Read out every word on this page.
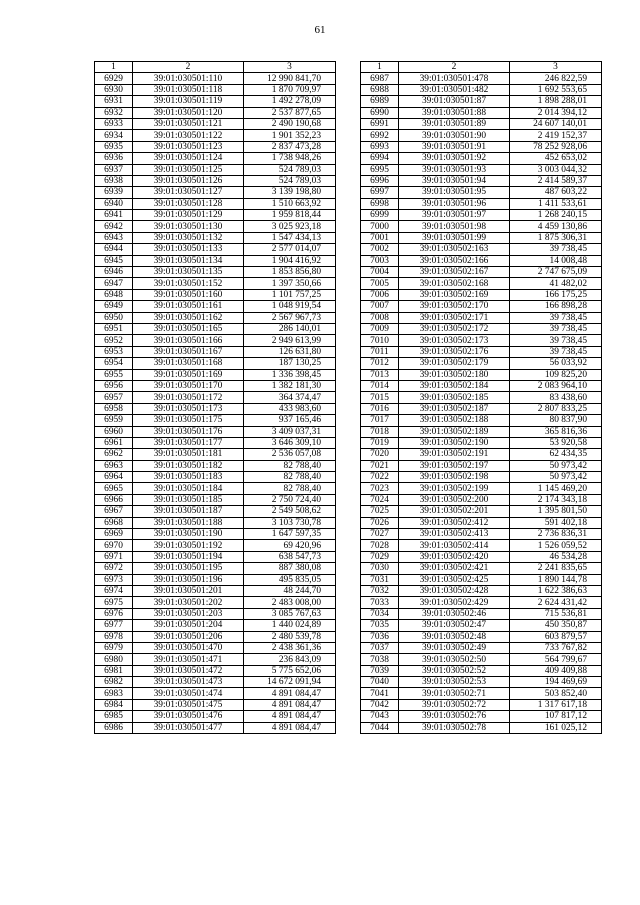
61
1	2	3
6929	39:01:030501:110	12 990 841,70
6930	39:01:030501:118	1 870 709,97
6931	39:01:030501:119	1 492 278,09
6932	39:01:030501:120	2 537 877,65
6933	39:01:030501:121	2 490 190,68
6934	39:01:030501:122	1 901 352,23
6935	39:01:030501:123	2 837 473,28
6936	39:01:030501:124	1 738 948,26
6937	39:01:030501:125	524 789,03
6938	39:01:030501:126	524 789,03
6939	39:01:030501:127	3 139 198,80
6940	39:01:030501:128	1 510 663,92
6941	39:01:030501:129	1 959 818,44
6942	39:01:030501:130	3 025 923,18
6943	39:01:030501:132	1 547 434,13
6944	39:01:030501:133	2 577 014,07
6945	39:01:030501:134	1 904 416,92
6946	39:01:030501:135	1 853 856,80
6947	39:01:030501:152	1 397 350,66
6948	39:01:030501:160	1 101 757,25
6949	39:01:030501:161	1 048 919,54
6950	39:01:030501:162	2 567 967,73
6951	39:01:030501:165	286 140,01
6952	39:01:030501:166	2 949 613,99
6953	39:01:030501:167	126 631,80
6954	39:01:030501:168	187 130,25
6955	39:01:030501:169	1 336 398,45
6956	39:01:030501:170	1 382 181,30
6957	39:01:030501:172	364 374,47
6958	39:01:030501:173	433 983,60
6959	39:01:030501:175	937 165,46
6960	39:01:030501:176	3 409 037,31
6961	39:01:030501:177	3 646 309,10
6962	39:01:030501:181	2 536 057,08
6963	39:01:030501:182	82 788,40
6964	39:01:030501:183	82 788,40
6965	39:01:030501:184	82 788,40
6966	39:01:030501:185	2 750 724,40
6967	39:01:030501:187	2 549 508,62
6968	39:01:030501:188	3 103 730,78
6969	39:01:030501:190	1 647 597,35
6970	39:01:030501:192	69 420,96
6971	39:01:030501:194	638 547,73
6972	39:01:030501:195	887 380,08
6973	39:01:030501:196	495 835,05
6974	39:01:030501:201	48 244,70
6975	39:01:030501:202	2 483 008,00
6976	39:01:030501:203	3 085 767,63
6977	39:01:030501:204	1 440 024,89
6978	39:01:030501:206	2 480 539,78
6979	39:01:030501:470	2 438 361,36
6980	39:01:030501:471	236 843,09
6981	39:01:030501:472	5 775 652,06
6982	39:01:030501:473	14 672 091,94
6983	39:01:030501:474	4 891 084,47
6984	39:01:030501:475	4 891 084,47
6985	39:01:030501:476	4 891 084,47
6986	39:01:030501:477	4 891 084,47
1	2	3
6987	39:01:030501:478	246 822,59
6988	39:01:030501:482	1 692 553,65
6989	39:01:030501:87	1 898 288,01
6990	39:01:030501:88	2 014 394,12
6991	39:01:030501:89	24 607 140,01
6992	39:01:030501:90	2 419 152,37
6993	39:01:030501:91	78 252 928,06
6994	39:01:030501:92	452 653,02
6995	39:01:030501:93	3 003 044,32
6996	39:01:030501:94	2 414 589,37
6997	39:01:030501:95	487 603,22
6998	39:01:030501:96	1 411 533,61
6999	39:01:030501:97	1 268 240,15
7000	39:01:030501:98	4 459 130,86
7001	39:01:030501:99	1 875 306,31
7002	39:01:030502:163	39 738,45
7003	39:01:030502:166	14 008,48
7004	39:01:030502:167	2 747 675,09
7005	39:01:030502:168	41 482,02
7006	39:01:030502:169	166 175,25
7007	39:01:030502:170	166 898,28
7008	39:01:030502:171	39 738,45
7009	39:01:030502:172	39 738,45
7010	39:01:030502:173	39 738,45
7011	39:01:030502:176	39 738,45
7012	39:01:030502:179	56 033,92
7013	39:01:030502:180	109 825,20
7014	39:01:030502:184	2 083 964,10
7015	39:01:030502:185	83 438,60
7016	39:01:030502:187	2 807 833,25
7017	39:01:030502:188	80 837,90
7018	39:01:030502:189	365 816,36
7019	39:01:030502:190	53 920,58
7020	39:01:030502:191	62 434,35
7021	39:01:030502:197	50 973,42
7022	39:01:030502:198	50 973,42
7023	39:01:030502:199	1 145 469,20
7024	39:01:030502:200	2 174 343,18
7025	39:01:030502:201	1 395 801,50
7026	39:01:030502:412	591 402,18
7027	39:01:030502:413	2 736 836,31
7028	39:01:030502:414	1 526 059,52
7029	39:01:030502:420	46 534,28
7030	39:01:030502:421	2 241 835,65
7031	39:01:030502:425	1 890 144,78
7032	39:01:030502:428	1 622 386,63
7033	39:01:030502:429	2 624 431,42
7034	39:01:030502:46	715 536,81
7035	39:01:030502:47	450 350,87
7036	39:01:030502:48	603 879,57
7037	39:01:030502:49	733 767,82
7038	39:01:030502:50	564 799,67
7039	39:01:030502:52	409 409,88
7040	39:01:030502:53	194 469,69
7041	39:01:030502:71	503 852,40
7042	39:01:030502:72	1 317 617,18
7043	39:01:030502:76	107 817,12
7044	39:01:030502:78	161 025,12
